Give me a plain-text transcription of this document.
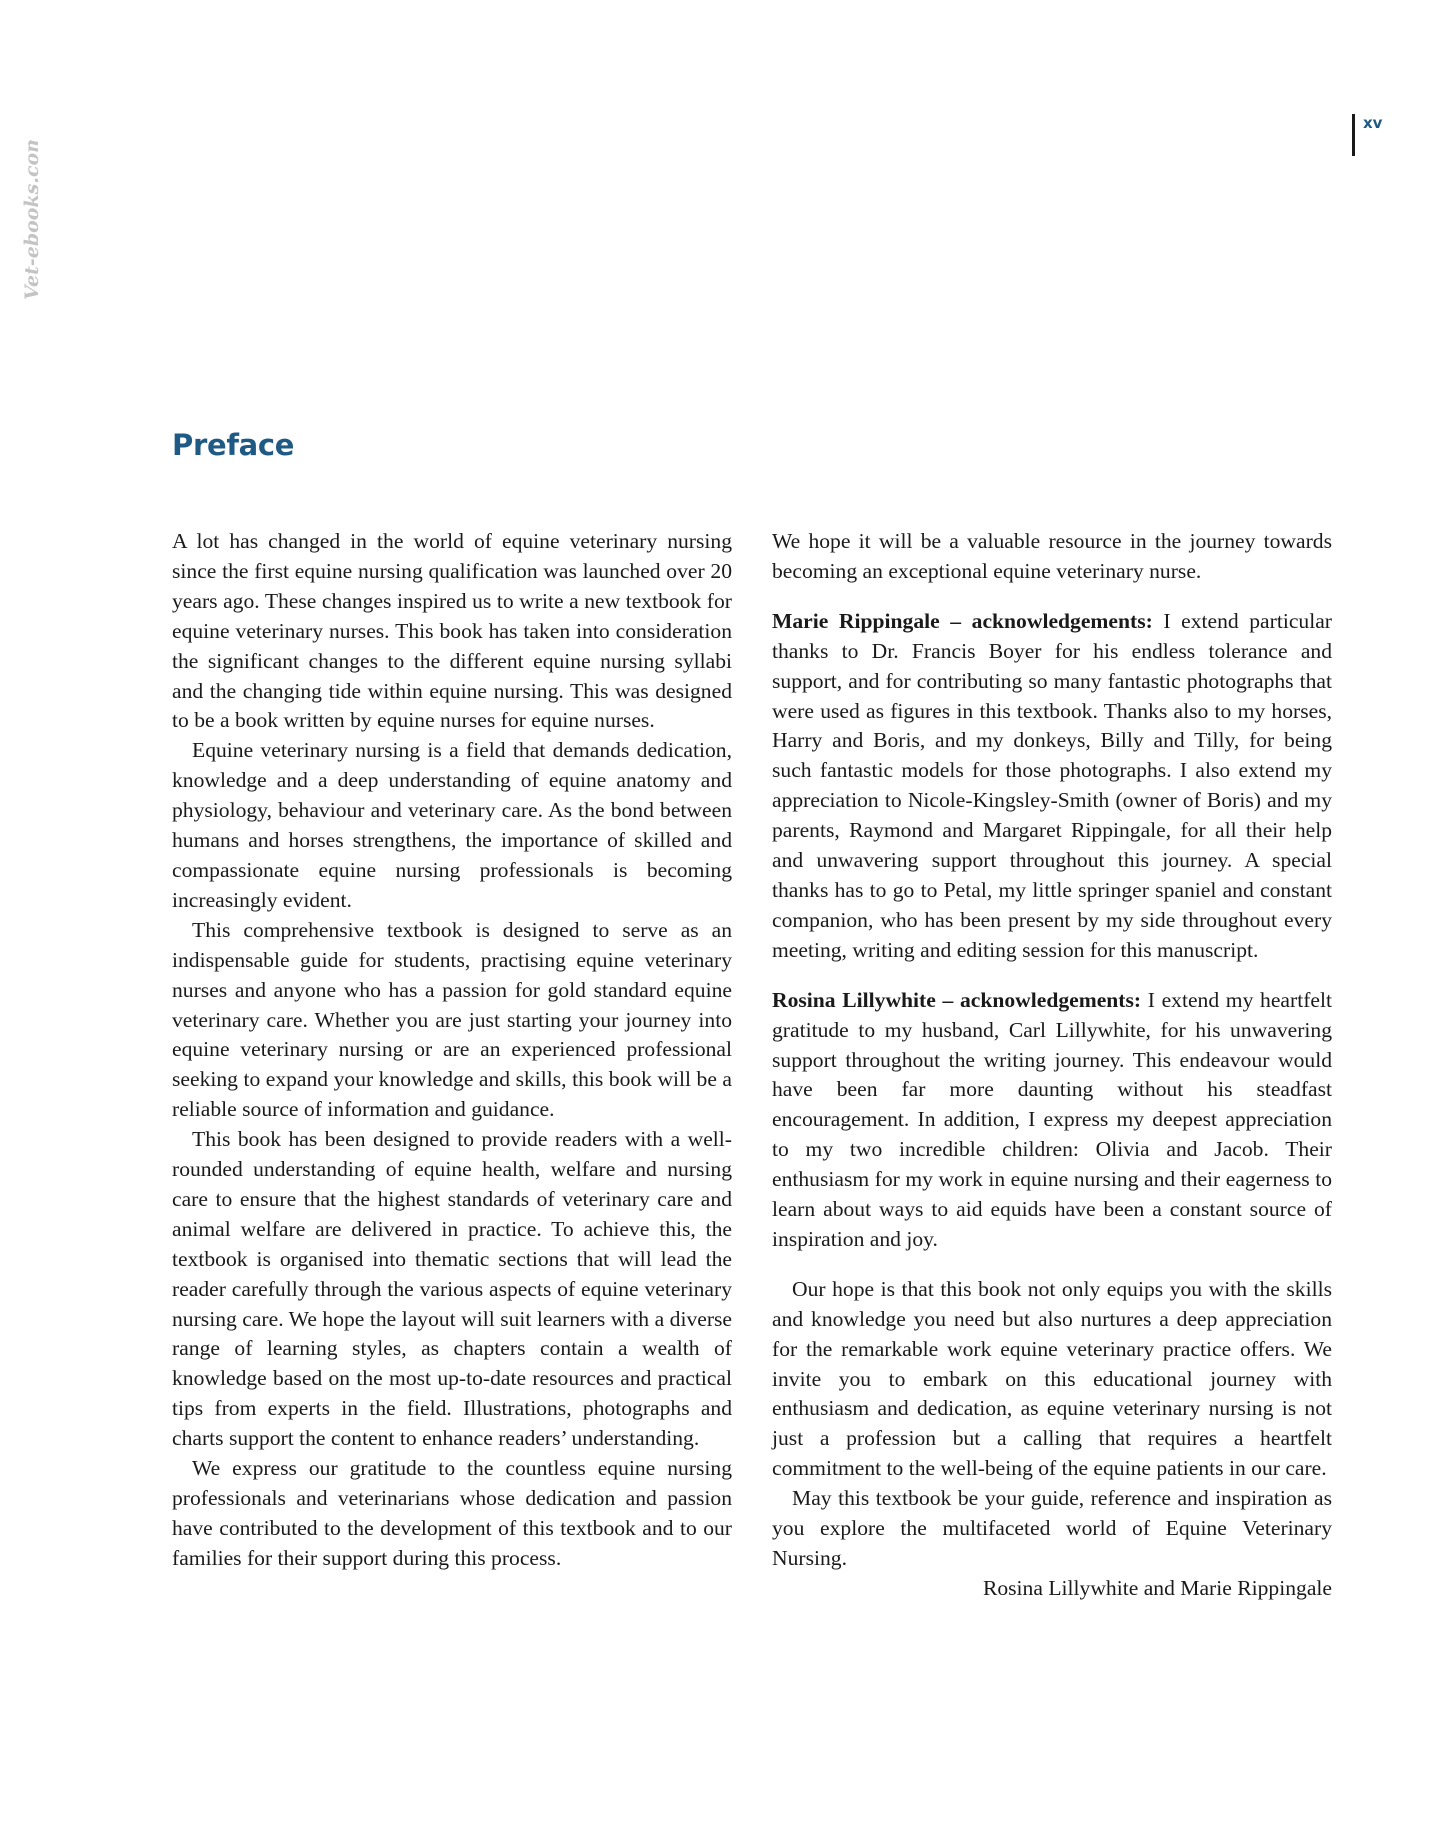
Vet-ebooks.com
xv
Preface

A lot has changed in the world of equine veterinary nursing since the first equine nursing qualification was launched over 20 years ago. These changes inspired us to write a new textbook for equine veterinary nurses. This book has taken into consideration the significant changes to the different equine nursing syllabi and the changing tide within equine nursing. This was designed to be a book written by equine nurses for equine nurses.

Equine veterinary nursing is a field that demands dedication, knowledge and a deep understanding of equine anatomy and physiology, behaviour and veterinary care. As the bond between humans and horses strengthens, the importance of skilled and compassionate equine nursing professionals is becoming increasingly evident.

This comprehensive textbook is designed to serve as an indispensable guide for students, practising equine veterinary nurses and anyone who has a passion for gold standard equine veterinary care. Whether you are just starting your journey into equine veterinary nursing or are an experienced professional seeking to expand your knowledge and skills, this book will be a reliable source of information and guidance.

This book has been designed to provide readers with a well-rounded understanding of equine health, welfare and nursing care to ensure that the highest standards of veterinary care and animal welfare are delivered in practice. To achieve this, the textbook is organised into thematic sections that will lead the reader carefully through the various aspects of equine veterinary nursing care. We hope the layout will suit learners with a diverse range of learning styles, as chapters contain a wealth of knowledge based on the most up-to-date resources and practical tips from experts in the field. Illustrations, photographs and charts support the content to enhance readers’ understanding.

We express our gratitude to the countless equine nursing professionals and veterinarians whose dedication and passion have contributed to the development of this textbook and to our families for their support during this process.

We hope it will be a valuable resource in the journey towards becoming an exceptional equine veterinary nurse.

Marie Rippingale – acknowledgements: I extend particular thanks to Dr. Francis Boyer for his endless tolerance and support, and for contributing so many fantastic photographs that were used as figures in this textbook. Thanks also to my horses, Harry and Boris, and my donkeys, Billy and Tilly, for being such fantastic models for those photographs. I also extend my appreciation to Nicole-Kingsley-Smith (owner of Boris) and my parents, Raymond and Margaret Rippingale, for all their help and unwavering support throughout this journey. A special thanks has to go to Petal, my little springer spaniel and constant companion, who has been present by my side throughout every meeting, writing and editing session for this manuscript.

Rosina Lillywhite – acknowledgements: I extend my heartfelt gratitude to my husband, Carl Lillywhite, for his unwavering support throughout the writing journey. This endeavour would have been far more daunting without his steadfast encouragement. In addition, I express my deepest appreciation to my two incredible children: Olivia and Jacob. Their enthusiasm for my work in equine nursing and their eagerness to learn about ways to aid equids have been a constant source of inspiration and joy.

Our hope is that this book not only equips you with the skills and knowledge you need but also nurtures a deep appreciation for the remarkable work equine veterinary practice offers. We invite you to embark on this educational journey with enthusiasm and dedication, as equine veterinary nursing is not just a profession but a calling that requires a heartfelt commitment to the well-being of the equine patients in our care.

May this textbook be your guide, reference and inspiration as you explore the multifaceted world of Equine Veterinary Nursing.

Rosina Lillywhite and Marie Rippingale
